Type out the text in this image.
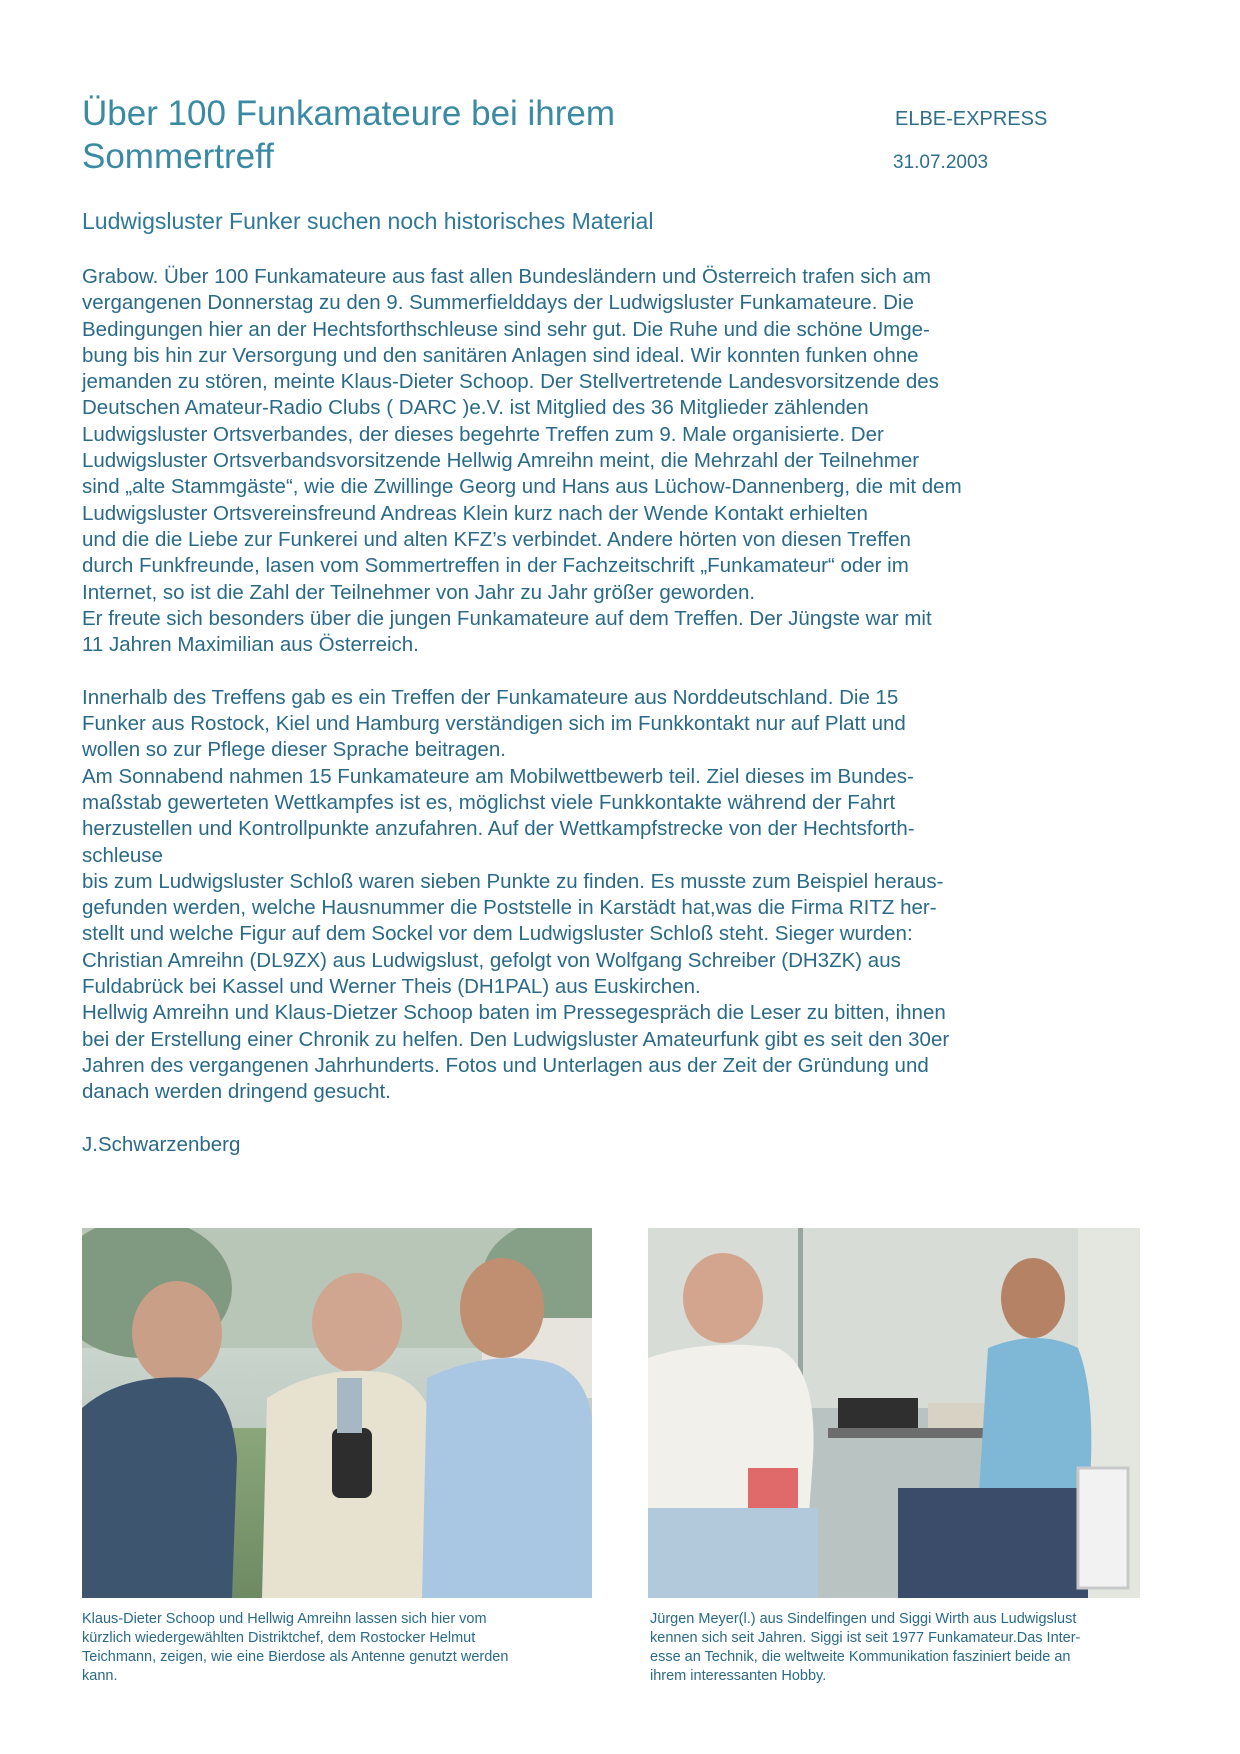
Über 100 Funkamateure bei ihrem
Sommertreff
ELBE-EXPRESS
31.07.2003
Ludwigsluster Funker suchen noch historisches Material
Grabow. Über 100 Funkamateure aus fast allen Bundesländern und Österreich trafen sich am
vergangenen Donnerstag zu den 9. Summerfielddays der Ludwigsluster Funkamateure. Die
Bedingungen hier an der Hechtsforthschleuse sind sehr gut. Die Ruhe und die schöne Umge-
bung bis hin zur Versorgung und den sanitären Anlagen sind ideal. Wir konnten funken ohne
jemanden zu stören, meinte Klaus-Dieter Schoop. Der Stellvertretende Landesvorsitzende des
Deutschen Amateur-Radio Clubs ( DARC )e.V. ist Mitglied des 36 Mitglieder zählenden
Ludwigsluster Ortsverbandes, der dieses begehrte Treffen zum 9. Male organisierte. Der
Ludwigsluster Ortsverbandsvorsitzende Hellwig Amreihn meint, die Mehrzahl der Teilnehmer
sind „alte Stammgäste“, wie die Zwillinge Georg und Hans aus Lüchow-Dannenberg, die mit dem
Ludwigsluster Ortsvereinsfreund Andreas Klein kurz nach der Wende Kontakt erhielten
und die die Liebe zur Funkerei und alten KFZ’s verbindet. Andere hörten von diesen Treffen
durch Funkfreunde, lasen vom Sommertreffen in der Fachzeitschrift „Funkamateur“ oder im
Internet, so ist die Zahl der Teilnehmer von Jahr zu Jahr größer geworden.
Er freute sich besonders über die jungen Funkamateure auf dem Treffen. Der Jüngste war mit
11 Jahren Maximilian aus Österreich.
Innerhalb des Treffens gab es ein Treffen der Funkamateure aus Norddeutschland. Die 15
Funker aus Rostock, Kiel und Hamburg verständigen sich im Funkkontakt nur auf Platt und
wollen so zur Pflege dieser Sprache beitragen.
Am Sonnabend nahmen 15 Funkamateure am Mobilwettbewerb teil. Ziel dieses im Bundes-
maßstab gewerteten Wettkampfes ist es, möglichst viele Funkkontakte während der Fahrt
herzustellen und Kontrollpunkte anzufahren. Auf der Wettkampfstrecke von der Hechtsforth-
schleuse
bis zum Ludwigsluster Schloß waren sieben Punkte zu finden. Es musste zum Beispiel heraus-
gefunden werden, welche Hausnummer die Poststelle in Karstädt hat,was die Firma RITZ her-
stellt und welche Figur auf dem Sockel vor dem Ludwigsluster Schloß steht. Sieger wurden:
Christian Amreihn (DL9ZX) aus Ludwigslust, gefolgt von Wolfgang Schreiber (DH3ZK) aus
Fuldabrück bei Kassel und Werner Theis (DH1PAL) aus Euskirchen.
Hellwig Amreihn und Klaus-Dietzer Schoop baten im Pressegespräch die Leser zu bitten, ihnen
bei der Erstellung einer Chronik zu helfen. Den Ludwigsluster Amateurfunk gibt es seit den 30er
Jahren des vergangenen Jahrhunderts. Fotos und Unterlagen aus der Zeit der Gründung und
danach werden dringend gesucht.
J.Schwarzenberg
Klaus-Dieter Schoop und Hellwig Amreihn lassen sich hier vom
kürzlich wiedergewählten Distriktchef, dem Rostocker Helmut
Teichmann, zeigen, wie eine Bierdose als Antenne genutzt werden
kann.
Jürgen Meyer(l.) aus Sindelfingen und Siggi Wirth aus Ludwigslust
kennen sich seit Jahren. Siggi ist seit 1977 Funkamateur.Das Inter-
esse an Technik, die weltweite Kommunikation fasziniert beide an
ihrem interessanten Hobby.
